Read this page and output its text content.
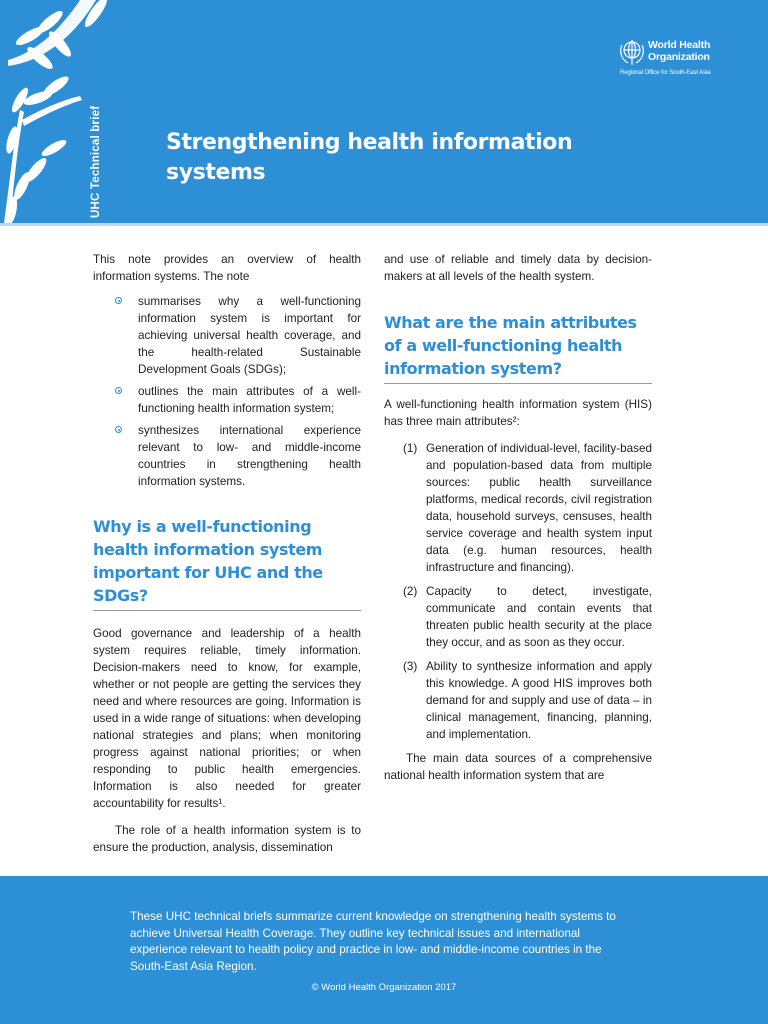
UHC Technical brief	Strengthening health information systems
World Health Organization
Regional Office for South-East Asia

This note provides an overview of health information systems. The note

summarises why a well-functioning information system is important for achieving universal health coverage, and the health-related Sustainable Development Goals (SDGs);
outlines the main attributes of a well-functioning health information system;
synthesizes international experience relevant to low- and middle-income countries in strengthening health information systems.
Why is a well-functioning health information system important for UHC and the SDGs?

Good governance and leadership of a health system requires reliable, timely information. Decision-makers need to know, for example, whether or not people are getting the services they need and where resources are going. Information is used in a wide range of situations: when developing national strategies and plans; when monitoring progress against national priorities; or when responding to public health emergencies. Information is also needed for greater accountability for results¹.

The role of a health information system is to ensure the production, analysis, dissemination

and use of reliable and timely data by decision-makers at all levels of the health system.

What are the main attributes of a well-functioning health information system?

A well-functioning health information system (HIS) has three main attributes²:

(1) Generation of individual-level, facility-based and population-based data from multiple sources: public health surveillance platforms, medical records, civil registration data, household surveys, censuses, health service coverage and health system input data (e.g. human resources, health infrastructure and financing).
(2) Capacity to detect, investigate, communicate and contain events that threaten public health security at the place they occur, and as soon as they occur.
(3) Ability to synthesize information and apply this knowledge. A good HIS improves both demand for and supply and use of data – in clinical management, financing, planning, and implementation.

The main data sources of a comprehensive national health information system that are

These UHC technical briefs summarize current knowledge on strengthening health systems to achieve Universal Health Coverage. They outline key technical issues and international experience relevant to health policy and practice in low- and middle-income countries in the South-East Asia Region.
© World Health Organization 2017
